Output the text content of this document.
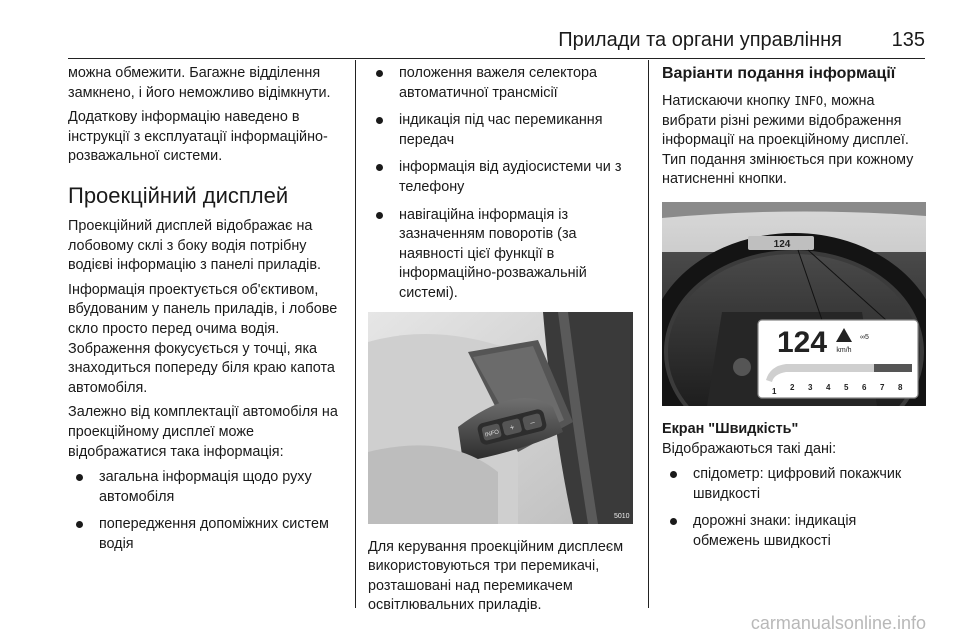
Прилади та органи управління 135

можна обмежити. Багажне відділення замкнено, і його неможливо відімкнути.

Додаткову інформацію наведено в інструкції з експлуатації інформаційно-розважальної системи.

Проекційний дисплей

Проекційний дисплей відображає на лобовому склі з боку водія потрібну водієві інформацію з панелі приладів.

Інформація проектується об'єктивом, вбудованим у панель приладів, і лобове скло просто перед очима водія. Зображення фокусується у точці, яка знаходиться попереду біля краю капота автомобіля.

Залежно від комплектації автомобіля на проекційному дисплеї може відображатися така інформація:

загальна інформація щодо руху автомобіля
попередження допоміжних систем водія
положення важеля селектора автоматичної трансмісії
індикація під час перемикання передач
інформація від аудіосистеми чи з телефону
навігаційна інформація із зазначенням поворотів (за наявності цієї функції в інформаційно-розважальній системі).
INFO
+
–
5010

Для керування проекційним дисплеєм використовуються три перемикачі, розташовані над перемикачем освітлювальних приладів.

Варіанти подання інформації

Натискаючи кнопку INFO, можна вибрати різні режими відображення інформації на проекційному дисплеї. Тип подання змінюється при кожному натисненні кнопки.

124
124 km/h
∞5
1 2 3 4 5 6 7 8
Екран "Швидкість"

Відображаються такі дані:

спідометр: цифровий покажчик швидкості
дорожні знаки: індикація обмежень швидкості
carmanualsonline.info
